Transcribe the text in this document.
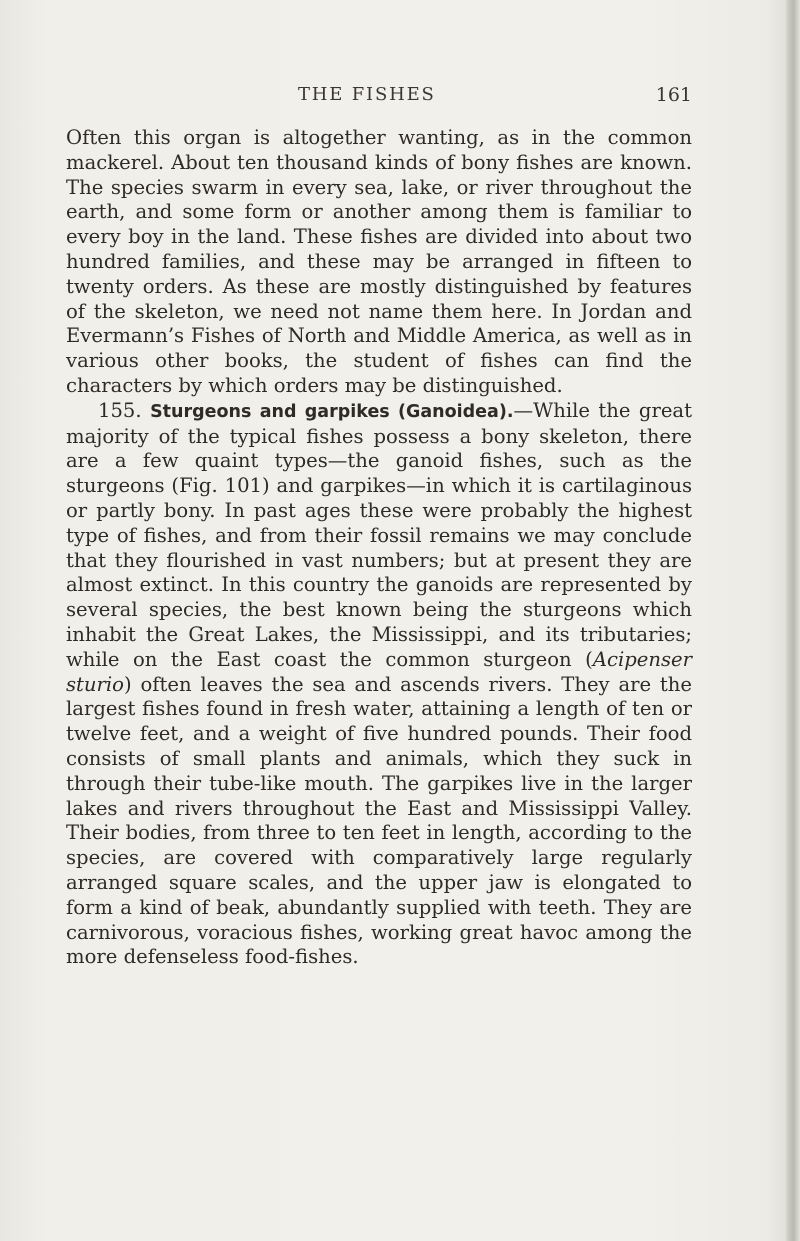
THE FISHES	161

Often this organ is altogether wanting, as in the common mackerel. About ten thousand kinds of bony fishes are known. The species swarm in every sea, lake, or river throughout the earth, and some form or another among them is familiar to every boy in the land. These fishes are divided into about two hundred families, and these may be arranged in fifteen to twenty orders. As these are mostly distinguished by features of the skeleton, we need not name them here. In Jordan and Evermann’s Fishes of North and Middle America, as well as in various other books, the student of fishes can find the characters by which orders may be distinguished.

155. Sturgeons and garpikes (Ganoidea).—While the great majority of the typical fishes possess a bony skeleton, there are a few quaint types—the ganoid fishes, such as the sturgeons (Fig. 101) and garpikes—in which it is cartilaginous or partly bony. In past ages these were probably the highest type of fishes, and from their fossil remains we may conclude that they flourished in vast numbers; but at present they are almost extinct. In this country the ganoids are represented by several species, the best known being the sturgeons which inhabit the Great Lakes, the Mississippi, and its tributaries; while on the East coast the common sturgeon (Acipenser sturio) often leaves the sea and ascends rivers. They are the largest fishes found in fresh water, attaining a length of ten or twelve feet, and a weight of five hundred pounds. Their food consists of small plants and animals, which they suck in through their tube-like mouth. The garpikes live in the larger lakes and rivers throughout the East and Mississippi Valley. Their bodies, from three to ten feet in length, according to the species, are covered with comparatively large regularly arranged square scales, and the upper jaw is elongated to form a kind of beak, abundantly supplied with teeth. They are carnivorous, voracious fishes, working great havoc among the more defenseless food-fishes.
